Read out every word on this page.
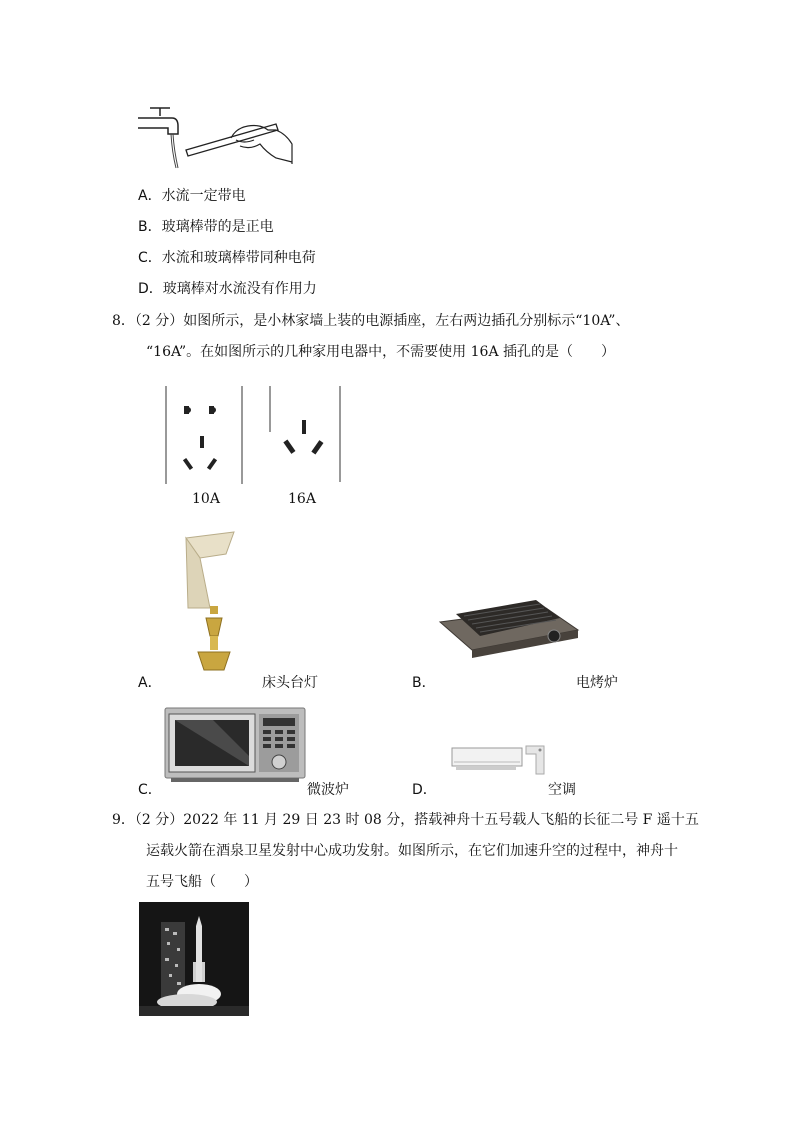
A．水流一定带电
B．玻璃棒带的是正电
C．水流和玻璃棒带同种电荷
D．玻璃棒对水流没有作用力
8．（2 分）如图所示，是小林家墙上装的电源插座，左右两边插孔分别标示“10A”、
“16A”。在如图所示的几种家用电器中，不需要使用 16A 插孔的是（　　）
10A	16A
A．	床头台灯	B．	电烤炉
C．	微波炉	D．	空调
9．（2 分）2022 年 11 月 29 日 23 时 08 分，搭载神舟十五号载人飞船的长征二号 F 遥十五
运载火箭在酒泉卫星发射中心成功发射。如图所示，在它们加速升空的过程中，神舟十
五号飞船（　　）
